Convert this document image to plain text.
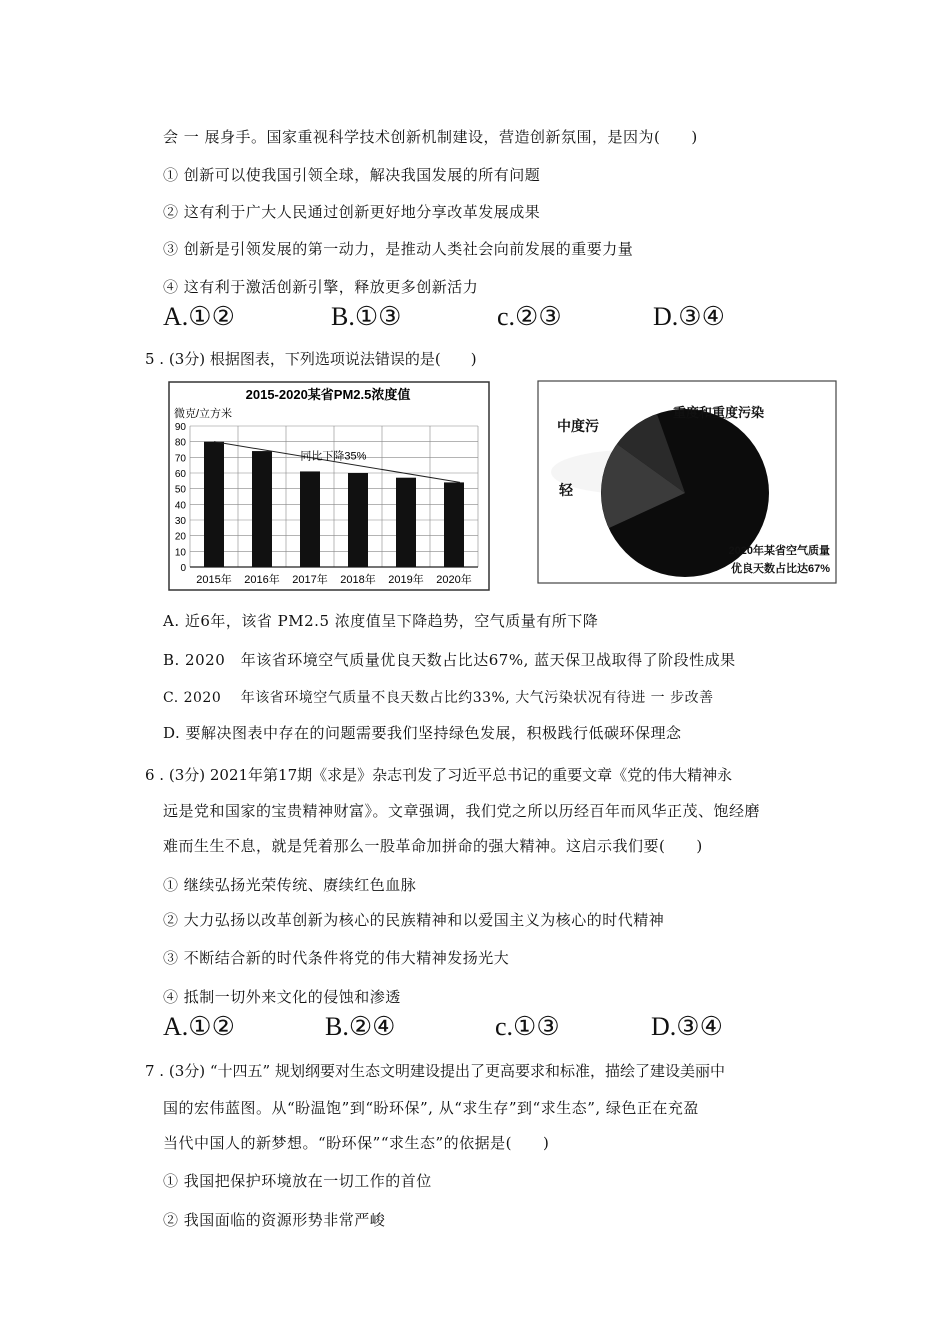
会 一 展身手。国家重视科学技术创新机制建设，营造创新氛围，是因为(　　)
① 创新可以使我国引领全球，解决我国发展的所有问题
② 这有利于广大人民通过创新更好地分享改革发展成果
③ 创新是引领发展的第一动力，是推动人类社会向前发展的重要力量
④ 这有利于激活创新引擎，释放更多创新活力
A.①②	B.①③	c.②③	D.③④
5 . (3分) 根据图表，下列选项说法错误的是(　　)
2015-2020某省PM2.5浓度值
微克/立方米
0
10
20
30
40
50
60
70
80
90
2015年 2016年 2017年 2018年 2019年 2020年
同比下降35%
重度和重度污染
中度污
轻
2020年某省空气质量
优良天数占比达67%
A. 近6年，该省 PM2.5 浓度值呈下降趋势，空气质量有所下降
B. 2020　年该省环境空气质量优良天数占比达67%, 蓝天保卫战取得了阶段性成果
C. 2020　 年该省环境空气质量不良天数占比约33%, 大气污染状况有待进 一 步改善
D. 要解决图表中存在的问题需要我们坚持绿色发展，积极践行低碳环保理念
6 . (3分) 2021年第17期《求是》杂志刊发了习近平总书记的重要文章《党的伟大精神永
远是党和国家的宝贵精神财富》。文章强调，我们党之所以历经百年而风华正茂、饱经磨
难而生生不息，就是凭着那么一股革命加拼命的强大精神。这启示我们要(　　)
① 继续弘扬光荣传统、赓续红色血脉
② 大力弘扬以改革创新为核心的民族精神和以爱国主义为核心的时代精神
③ 不断结合新的时代条件将党的伟大精神发扬光大
④ 抵制一切外来文化的侵蚀和渗透
A.①②	B.②④	c.①③	D.③④
7 . (3分) “十四五” 规划纲要对生态文明建设提出了更高要求和标准，描绘了建设美丽中
国的宏伟蓝图。从“盼温饱”到“盼环保”, 从“求生存”到“求生态”, 绿色正在充盈
当代中国人的新梦想。“盼环保”“求生态”的依据是(　　)
① 我国把保护环境放在一切工作的首位
② 我国面临的资源形势非常严峻
